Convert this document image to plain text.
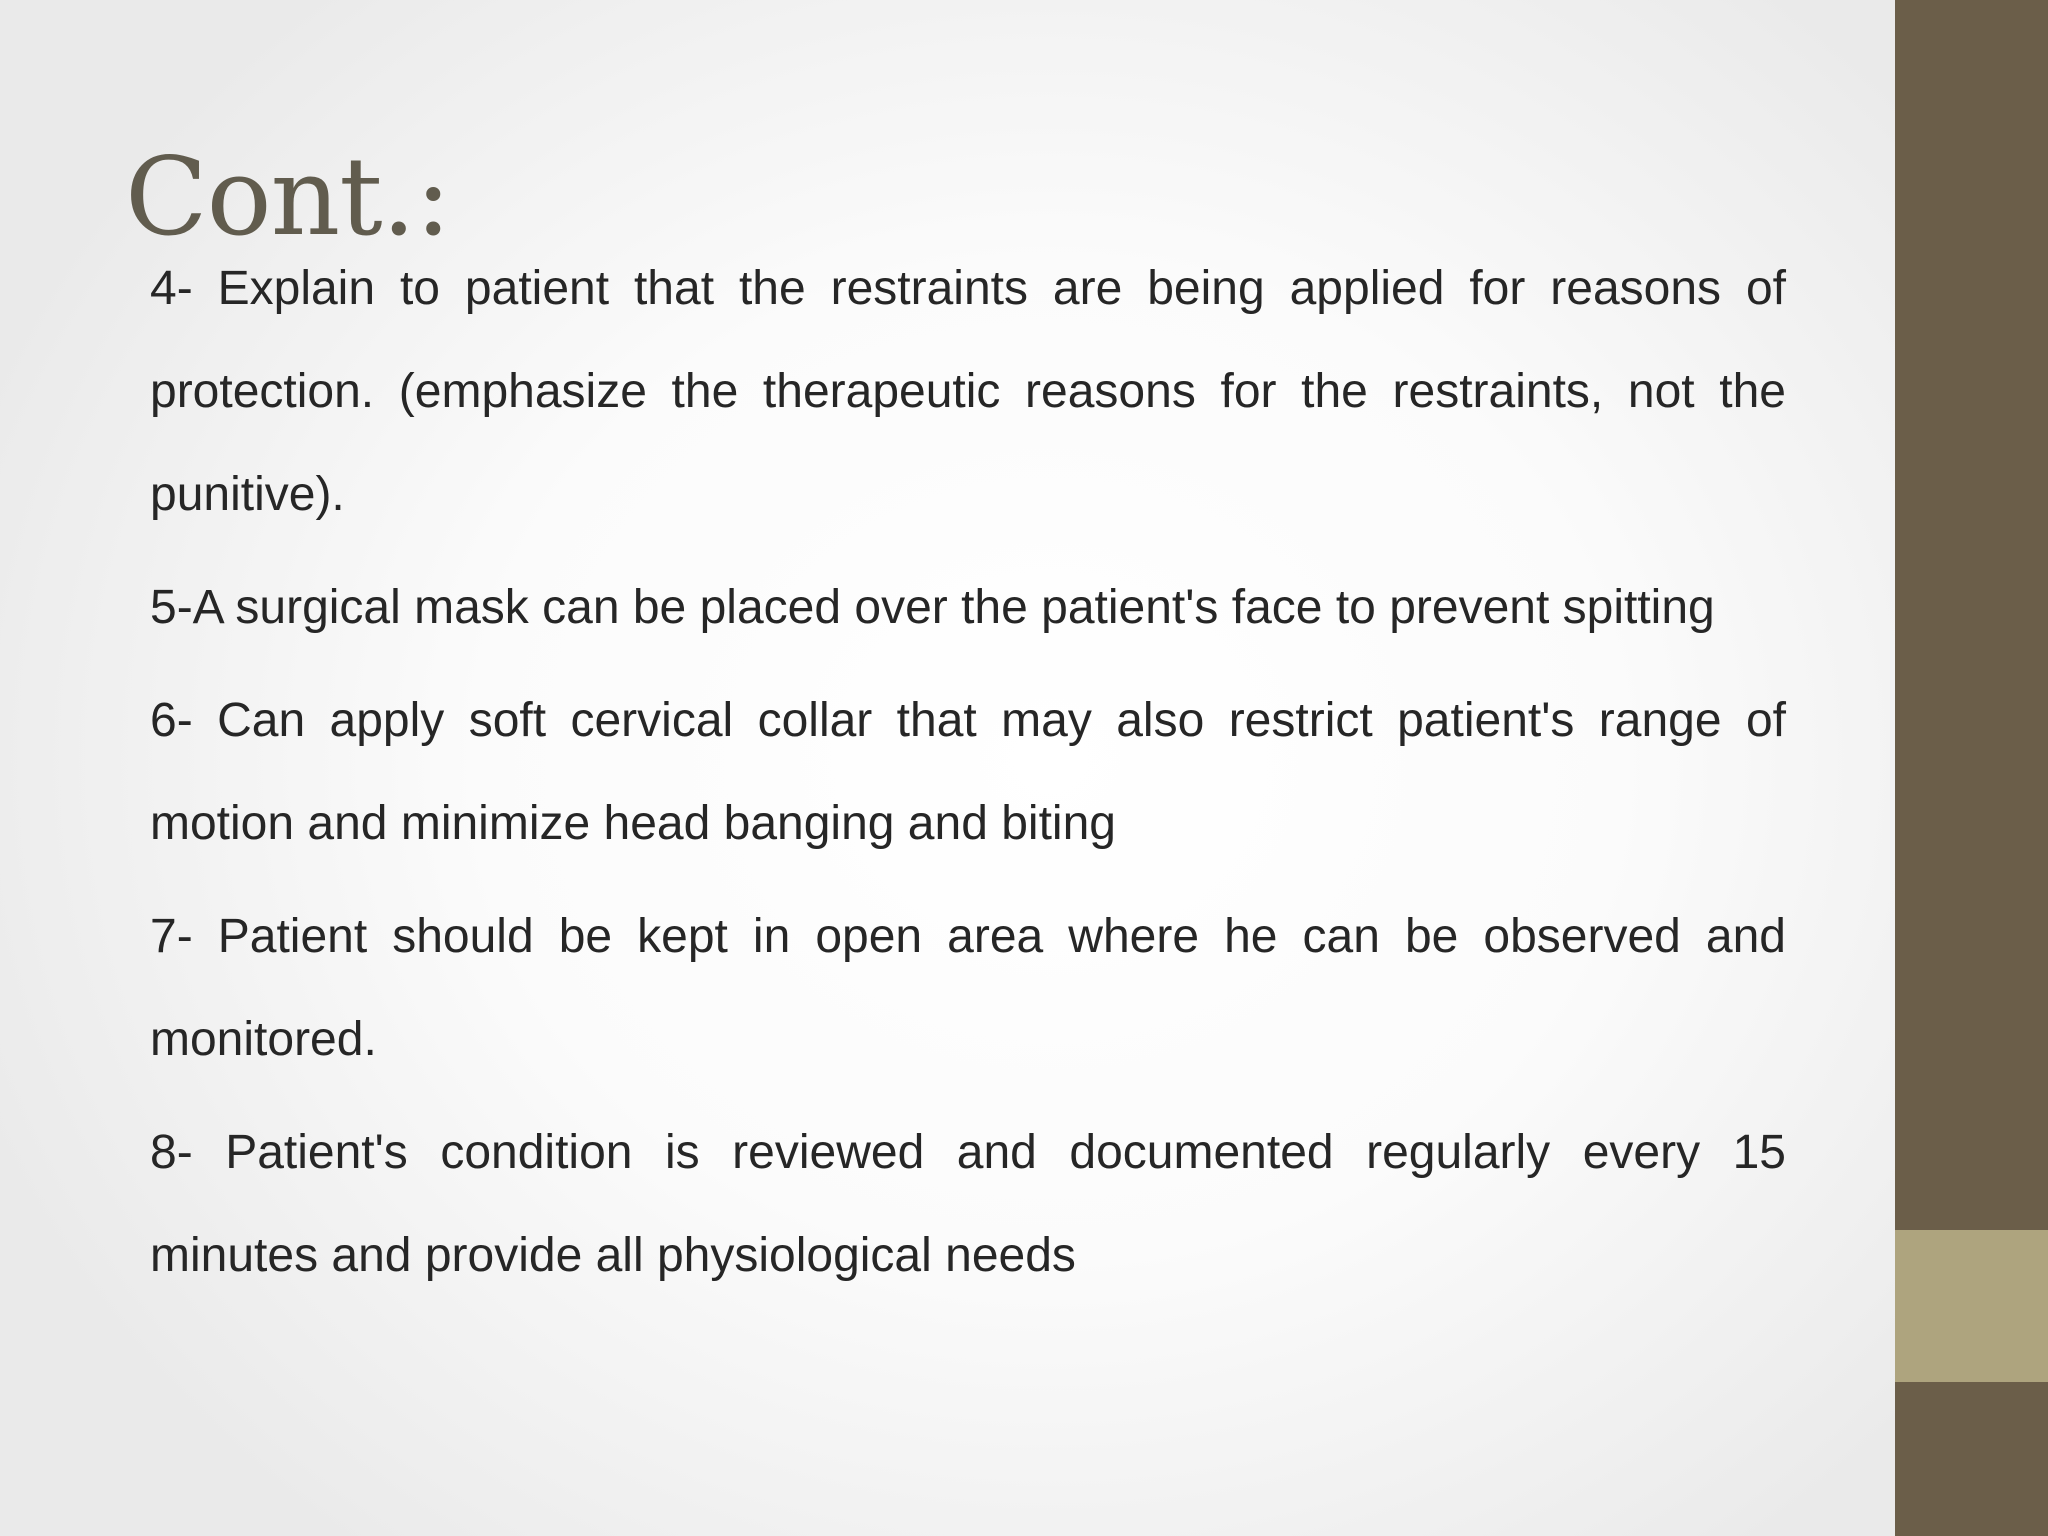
Cont.:

4- Explain to patient that the restraints are being applied for reasons of protection. (emphasize the therapeutic reasons for the restraints, not the punitive).

5-A surgical mask can be placed over the patient's face to prevent spitting

6- Can apply soft cervical collar that may also restrict patient's range of motion and minimize head banging and biting

7- Patient should be kept in open area where he can be observed and monitored.

8- Patient's condition is reviewed and documented regularly every 15 minutes and provide all physiological needs
